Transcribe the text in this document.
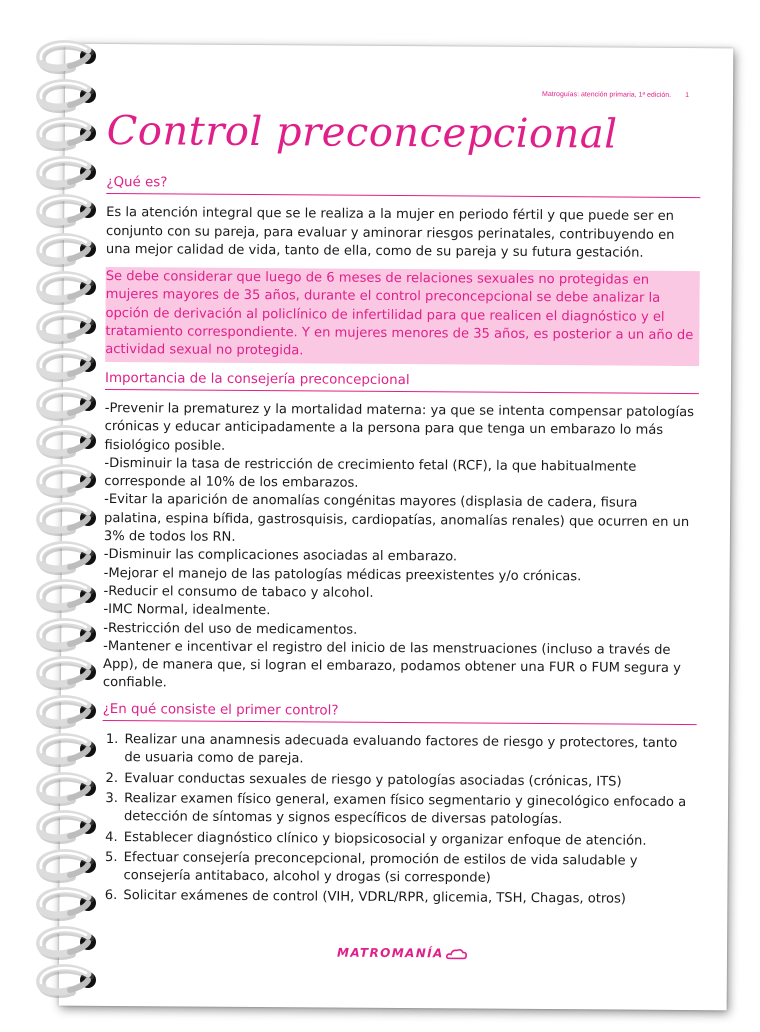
Matroguías: atención primaria, 1ª edición. 1
Control preconcepcional
¿Qué es?

Es la atención integral que se le realiza a la mujer en periodo fértil y que puede ser en conjunto con su pareja, para evaluar y aminorar riesgos perinatales, contribuyendo en una mejor calidad de vida, tanto de ella, como de su pareja y su futura gestación.

Se debe considerar que luego de 6 meses de relaciones sexuales no protegidas en mujeres mayores de 35 años, durante el control preconcepcional se debe analizar la opción de derivación al policlínico de infertilidad para que realicen el diagnóstico y el tratamiento correspondiente. Y en mujeres menores de 35 años, es posterior a un año de actividad sexual no protegida.

Importancia de la consejería preconcepcional

-Prevenir la prematurez y la mortalidad materna: ya que se intenta compensar patologías crónicas y educar anticipadamente a la persona para que tenga un embarazo lo más fisiológico posible.

-Disminuir la tasa de restricción de crecimiento fetal (RCF), la que habitualmente corresponde al 10% de los embarazos.

-Evitar la aparición de anomalías congénitas mayores (displasia de cadera, fisura palatina, espina bífida, gastrosquisis, cardiopatías, anomalías renales) que ocurren en un 3% de todos los RN.

-Disminuir las complicaciones asociadas al embarazo.

-Mejorar el manejo de las patologías médicas preexistentes y/o crónicas.

-Reducir el consumo de tabaco y alcohol.

-IMC Normal, idealmente.

-Restricción del uso de medicamentos.

-Mantener e incentivar el registro del inicio de las menstruaciones (incluso a través de App), de manera que, si logran el embarazo, podamos obtener una FUR o FUM segura y confiable.

¿En qué consiste el primer control?
1. Realizar una anamnesis adecuada evaluando factores de riesgo y protectores, tanto de usuaria como de pareja.
2. Evaluar conductas sexuales de riesgo y patologías asociadas (crónicas, ITS)
3. Realizar examen físico general, examen físico segmentario y ginecológico enfocado a detección de síntomas y signos específicos de diversas patologías.
4. Establecer diagnóstico clínico y biopsicosocial y organizar enfoque de atención.
5. Efectuar consejería preconcepcional, promoción de estilos de vida saludable y consejería antitabaco, alcohol y drogas (si corresponde)
6. Solicitar exámenes de control (VIH, VDRL/RPR, glicemia, TSH, Chagas, otros)
MATROMANÍA
